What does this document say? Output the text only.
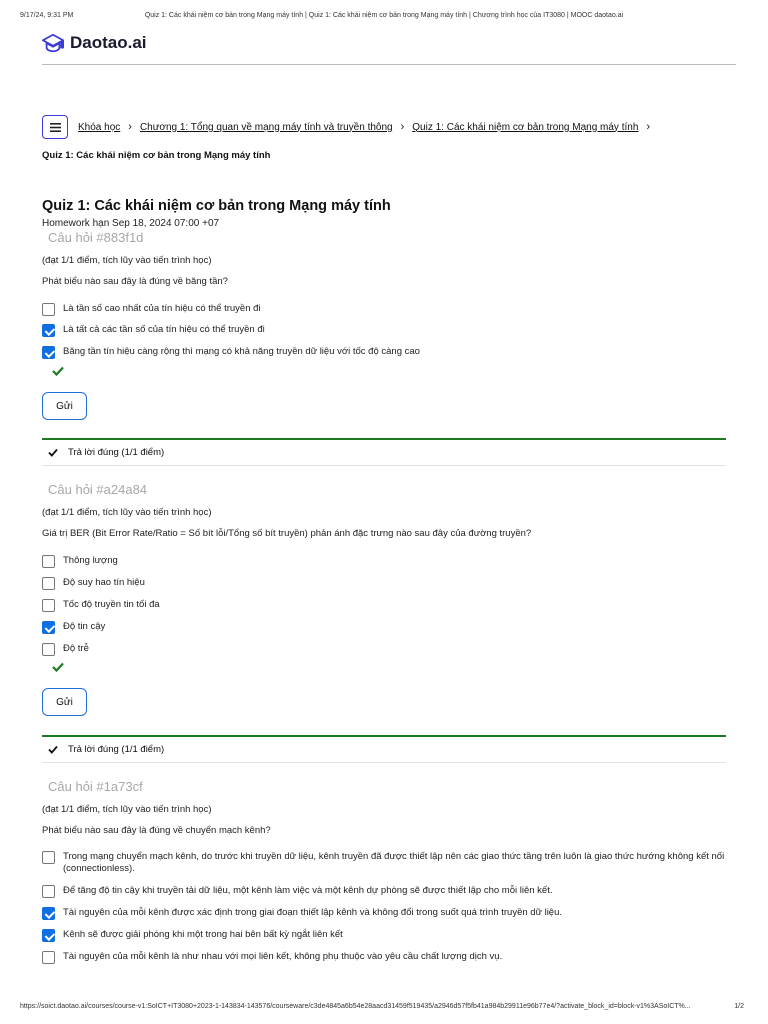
9/17/24, 9:31 PM	Quiz 1: Các khái niệm cơ bản trong Mạng máy tính | Quiz 1: Các khái niệm cơ bản trong Mạng máy tính | Chương trình học của IT3080 | MOOC daotao.ai
Daotao.ai
Khóa học › Chương 1: Tổng quan về mạng máy tính và truyền thông › Quiz 1: Các khái niệm cơ bản trong Mạng máy tính ›
Quiz 1: Các khái niệm cơ bản trong Mạng máy tính
Quiz 1: Các khái niệm cơ bản trong Mạng máy tính
Homework hạn Sep 18, 2024 07:00 +07
Câu hỏi #883f1d
(đạt 1/1 điểm, tích lũy vào tiến trình học)
Phát biểu nào sau đây là đúng về băng tần?
Là tần số cao nhất của tín hiệu có thể truyền đi
Là tất cả các tần số của tín hiệu có thể truyền đi
Băng tần tín hiệu càng rộng thì mạng có khả năng truyền dữ liệu với tốc độ càng cao
Gửi
Trả lời đúng (1/1 điểm)
Câu hỏi #a24a84
(đạt 1/1 điểm, tích lũy vào tiến trình học)
Giá trị BER (Bit Error Rate/Ratio = Số bít lỗi/Tổng số bít truyền) phản ánh đặc trưng nào sau đây của đường truyền?
Thông lượng
Độ suy hao tín hiệu
Tốc độ truyền tin tối đa
Độ tin cậy
Độ trễ
Gửi
Trả lời đúng (1/1 điểm)
Câu hỏi #1a73cf
(đạt 1/1 điểm, tích lũy vào tiến trình học)
Phát biểu nào sau đây là đúng về chuyển mạch kênh?
Trong mạng chuyển mạch kênh, do trước khi truyền dữ liệu, kênh truyền đã được thiết lập nên các giao thức tầng trên luôn là giao thức hướng không kết nối (connectionless).
Để tăng độ tin cậy khi truyền tải dữ liệu, một kênh làm việc và một kênh dự phòng sẽ được thiết lập cho mỗi liên kết.
Tài nguyên của mỗi kênh được xác định trong giai đoạn thiết lập kênh và không đổi trong suốt quá trình truyền dữ liệu.
Kênh sẽ được giải phóng khi một trong hai bên bất kỳ ngắt liên kết
Tài nguyên của mỗi kênh là như nhau với mọi liên kết, không phụ thuộc vào yêu cầu chất lượng dịch vụ.
https://soict.daotao.ai/courses/course-v1:SoICT+IT3080+2023-1-143834-143576/courseware/c3de4845a6b54e28aacd31459f519435/a2946d57f5fb41a984b29911e96b77e4/?activate_block_id=block-v1%3ASoICT%...	1/2
